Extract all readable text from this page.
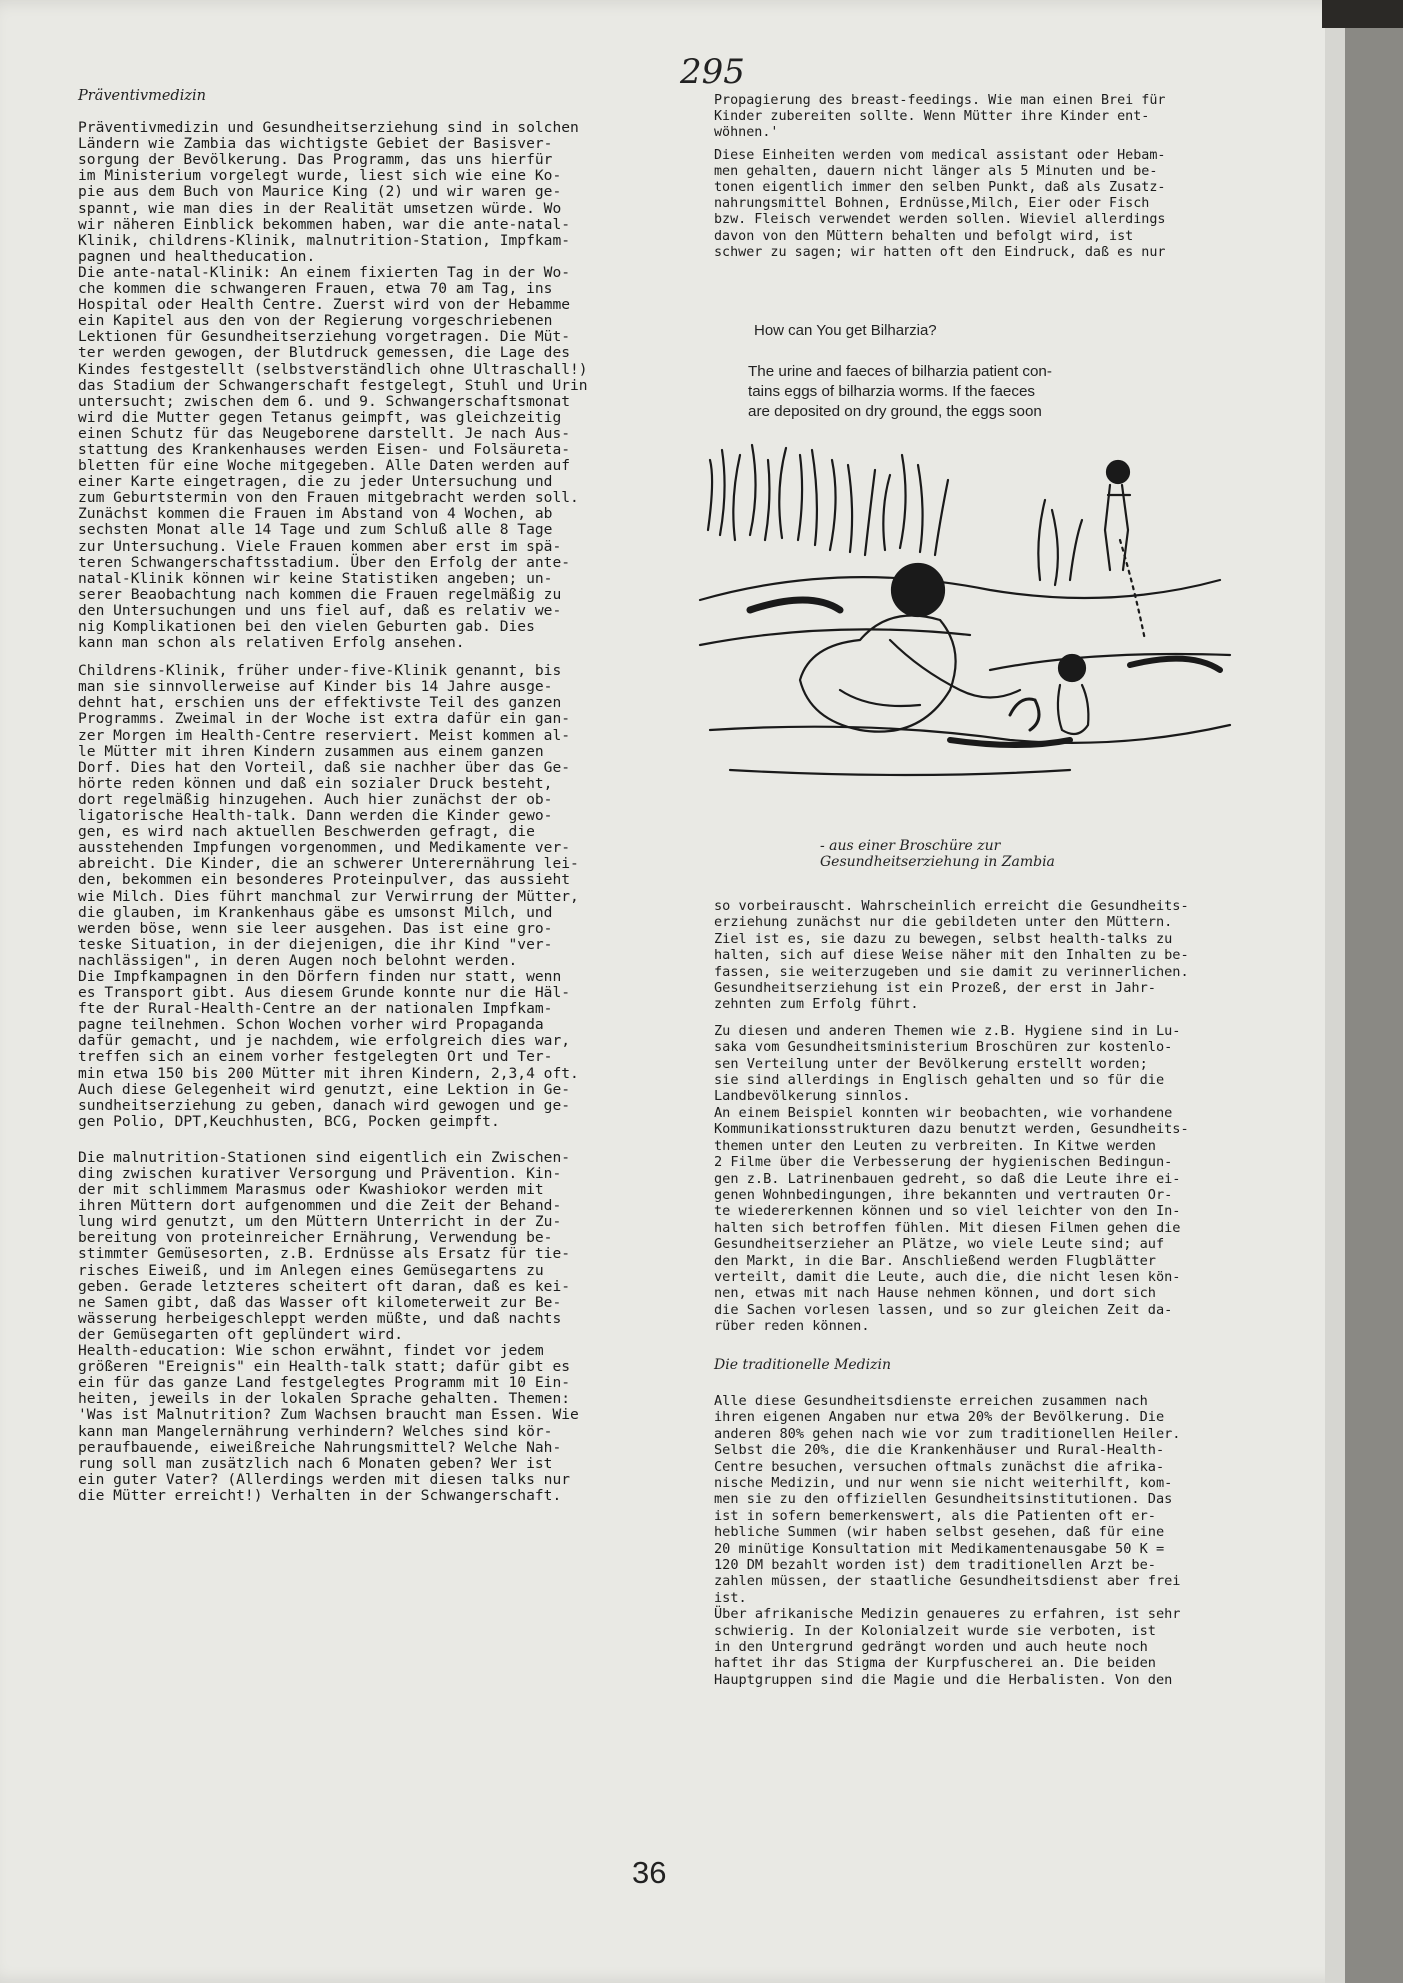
295
Präventivmedizin

Präventivmedizin und Gesundheitserziehung sind in solchen
Ländern wie Zambia das wichtigste Gebiet der Basisver-
sorgung der Bevölkerung. Das Programm, das uns hierfür
im Ministerium vorgelegt wurde, liest sich wie eine Ko-
pie aus dem Buch von Maurice King (2) und wir waren ge-
spannt, wie man dies in der Realität umsetzen würde. Wo
wir näheren Einblick bekommen haben, war die ante-natal-
Klinik, childrens-Klinik, malnutrition-Station, Impfkam-
pagnen und healtheducation.
Die ante-natal-Klinik: An einem fixierten Tag in der Wo-
che kommen die schwangeren Frauen, etwa 70 am Tag, ins
Hospital oder Health Centre. Zuerst wird von der Hebamme
ein Kapitel aus den von der Regierung vorgeschriebenen
Lektionen für Gesundheitserziehung vorgetragen. Die Müt-
ter werden gewogen, der Blutdruck gemessen, die Lage des
Kindes festgestellt (selbstverständlich ohne Ultraschall!)
das Stadium der Schwangerschaft festgelegt, Stuhl und Urin
untersucht; zwischen dem 6. und 9. Schwangerschaftsmonat
wird die Mutter gegen Tetanus geimpft, was gleichzeitig
einen Schutz für das Neugeborene darstellt. Je nach Aus-
stattung des Krankenhauses werden Eisen- und Folsäureta-
bletten für eine Woche mitgegeben. Alle Daten werden auf
einer Karte eingetragen, die zu jeder Untersuchung und
zum Geburtstermin von den Frauen mitgebracht werden soll.
Zunächst kommen die Frauen im Abstand von 4 Wochen, ab
sechsten Monat alle 14 Tage und zum Schluß alle 8 Tage
zur Untersuchung. Viele Frauen kommen aber erst im spä-
teren Schwangerschaftsstadium. Über den Erfolg der ante-
natal-Klinik können wir keine Statistiken angeben; un-
serer Beaobachtung nach kommen die Frauen regelmäßig zu
den Untersuchungen und uns fiel auf, daß es relativ we-
nig Komplikationen bei den vielen Geburten gab. Dies
kann man schon als relativen Erfolg ansehen.

Childrens-Klinik, früher under-five-Klinik genannt, bis
man sie sinnvollerweise auf Kinder bis 14 Jahre ausge-
dehnt hat, erschien uns der effektivste Teil des ganzen
Programms. Zweimal in der Woche ist extra dafür ein gan-
zer Morgen im Health-Centre reserviert. Meist kommen al-
le Mütter mit ihren Kindern zusammen aus einem ganzen
Dorf. Dies hat den Vorteil, daß sie nachher über das Ge-
hörte reden können und daß ein sozialer Druck besteht,
dort regelmäßig hinzugehen. Auch hier zunächst der ob-
ligatorische Health-talk. Dann werden die Kinder gewo-
gen, es wird nach aktuellen Beschwerden gefragt, die
ausstehenden Impfungen vorgenommen, und Medikamente ver-
abreicht. Die Kinder, die an schwerer Unterernährung lei-
den, bekommen ein besonderes Proteinpulver, das aussieht
wie Milch. Dies führt manchmal zur Verwirrung der Mütter,
die glauben, im Krankenhaus gäbe es umsonst Milch, und
werden böse, wenn sie leer ausgehen. Das ist eine gro-
teske Situation, in der diejenigen, die ihr Kind "ver-
nachlässigen", in deren Augen noch belohnt werden.
Die Impfkampagnen in den Dörfern finden nur statt, wenn
es Transport gibt. Aus diesem Grunde konnte nur die Häl-
fte der Rural-Health-Centre an der nationalen Impfkam-
pagne teilnehmen. Schon Wochen vorher wird Propaganda
dafür gemacht, und je nachdem, wie erfolgreich dies war,
treffen sich an einem vorher festgelegten Ort und Ter-
min etwa 150 bis 200 Mütter mit ihren Kindern, 2,3,4 oft.
Auch diese Gelegenheit wird genutzt, eine Lektion in Ge-
sundheitserziehung zu geben, danach wird gewogen und ge-
gen Polio, DPT,Keuchhusten, BCG, Pocken geimpft.

Die malnutrition-Stationen sind eigentlich ein Zwischen-
ding zwischen kurativer Versorgung und Prävention. Kin-
der mit schlimmem Marasmus oder Kwashiokor werden mit
ihren Müttern dort aufgenommen und die Zeit der Behand-
lung wird genutzt, um den Müttern Unterricht in der Zu-
bereitung von proteinreicher Ernährung, Verwendung be-
stimmter Gemüsesorten, z.B. Erdnüsse als Ersatz für tie-
risches Eiweiß, und im Anlegen eines Gemüsegartens zu
geben. Gerade letzteres scheitert oft daran, daß es kei-
ne Samen gibt, daß das Wasser oft kilometerweit zur Be-
wässerung herbeigeschleppt werden müßte, und daß nachts
der Gemüsegarten oft geplündert wird.
Health-education: Wie schon erwähnt, findet vor jedem
größeren "Ereignis" ein Health-talk statt; dafür gibt es
ein für das ganze Land festgelegtes Programm mit 10 Ein-
heiten, jeweils in der lokalen Sprache gehalten. Themen:
'Was ist Malnutrition? Zum Wachsen braucht man Essen. Wie
kann man Mangelernährung verhindern? Welches sind kör-
peraufbauende, eiweißreiche Nahrungsmittel? Welche Nah-
rung soll man zusätzlich nach 6 Monaten geben? Wer ist
ein guter Vater? (Allerdings werden mit diesen talks nur
die Mütter erreicht!) Verhalten in der Schwangerschaft.

Propagierung des breast-feedings. Wie man einen Brei für
Kinder zubereiten sollte. Wenn Mütter ihre Kinder ent-
wöhnen.'

Diese Einheiten werden vom medical assistant oder Hebam-
men gehalten, dauern nicht länger als 5 Minuten und be-
tonen eigentlich immer den selben Punkt, daß als Zusatz-
nahrungsmittel Bohnen, Erdnüsse,Milch, Eier oder Fisch
bzw. Fleisch verwendet werden sollen. Wieviel allerdings
davon von den Müttern behalten und befolgt wird, ist
schwer zu sagen; wir hatten oft den Eindruck, daß es nur

How can You get Bilharzia?
The urine and faeces of bilharzia patient con-
tains eggs of bilharzia worms. If the faeces
are deposited on dry ground, the eggs soon
- aus einer Broschüre zur
Gesundheitserziehung in Zambia

so vorbeirauscht. Wahrscheinlich erreicht die Gesundheits-
erziehung zunächst nur die gebildeten unter den Müttern.
Ziel ist es, sie dazu zu bewegen, selbst health-talks zu
halten, sich auf diese Weise näher mit den Inhalten zu be-
fassen, sie weiterzugeben und sie damit zu verinnerlichen.
Gesundheitserziehung ist ein Prozeß, der erst in Jahr-
zehnten zum Erfolg führt.

Zu diesen und anderen Themen wie z.B. Hygiene sind in Lu-
saka vom Gesundheitsministerium Broschüren zur kostenlo-
sen Verteilung unter der Bevölkerung erstellt worden;
sie sind allerdings in Englisch gehalten und so für die
Landbevölkerung sinnlos.
An einem Beispiel konnten wir beobachten, wie vorhandene
Kommunikationsstrukturen dazu benutzt werden, Gesundheits-
themen unter den Leuten zu verbreiten. In Kitwe werden
2 Filme über die Verbesserung der hygienischen Bedingun-
gen z.B. Latrinenbauen gedreht, so daß die Leute ihre ei-
genen Wohnbedingungen, ihre bekannten und vertrauten Or-
te wiedererkennen können und so viel leichter von den In-
halten sich betroffen fühlen. Mit diesen Filmen gehen die
Gesundheitserzieher an Plätze, wo viele Leute sind; auf
den Markt, in die Bar. Anschließend werden Flugblätter
verteilt, damit die Leute, auch die, die nicht lesen kön-
nen, etwas mit nach Hause nehmen können, und dort sich
die Sachen vorlesen lassen, und so zur gleichen Zeit da-
rüber reden können.

Die traditionelle Medizin

Alle diese Gesundheitsdienste erreichen zusammen nach
ihren eigenen Angaben nur etwa 20% der Bevölkerung. Die
anderen 80% gehen nach wie vor zum traditionellen Heiler.
Selbst die 20%, die die Krankenhäuser und Rural-Health-
Centre besuchen, versuchen oftmals zunächst die afrika-
nische Medizin, und nur wenn sie nicht weiterhilft, kom-
men sie zu den offiziellen Gesundheitsinstitutionen. Das
ist in sofern bemerkenswert, als die Patienten oft er-
hebliche Summen (wir haben selbst gesehen, daß für eine
20 minütige Konsultation mit Medikamentenausgabe 50 K =
120 DM bezahlt worden ist) dem traditionellen Arzt be-
zahlen müssen, der staatliche Gesundheitsdienst aber frei
ist.
Über afrikanische Medizin genaueres zu erfahren, ist sehr
schwierig. In der Kolonialzeit wurde sie verboten, ist
in den Untergrund gedrängt worden und auch heute noch
haftet ihr das Stigma der Kurpfuscherei an. Die beiden
Hauptgruppen sind die Magie und die Herbalisten. Von den

36
